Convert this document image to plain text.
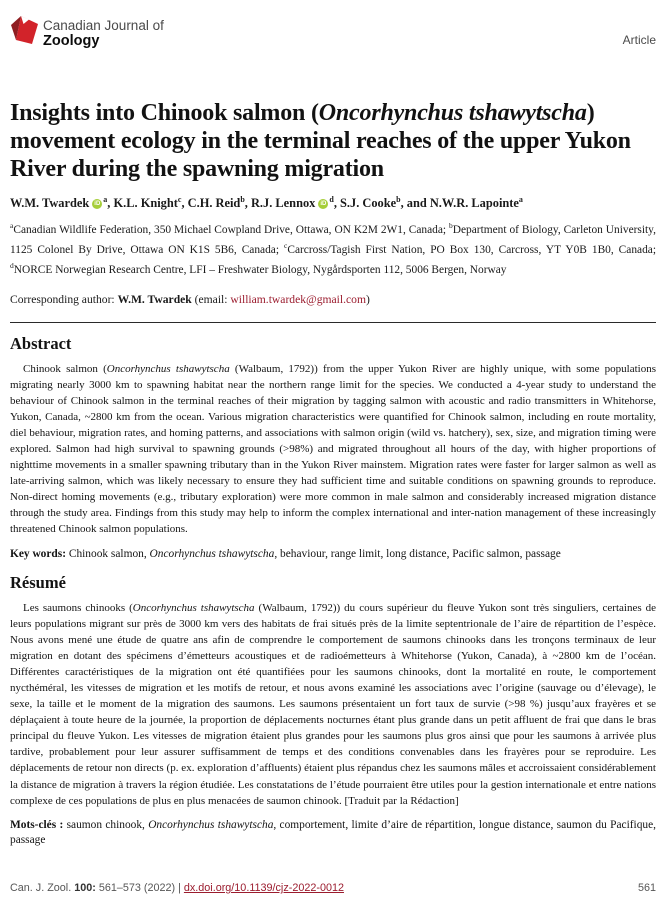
Canadian Journal of
Zoology	Article
Insights into Chinook salmon (Oncorhynchus tshawytscha) movement ecology in the terminal reaches of the upper Yukon River during the spawning migration

W.M. Twardek $iD^a$, K.L. Knight$^c$, C.H. Reid$^b$, R.J. Lennox $iD^d$, S.J. Cooke$^b$, and N.W.R. Lapointe$^a$

$^a$Canadian Wildlife Federation, 350 Michael Cowpland Drive, Ottawa, ON K2M 2W1, Canada; $^b$Department of Biology, Carleton University, 1125 Colonel By Drive, Ottawa ON K1S 5B6, Canada; $^c$Carcross/Tagish First Nation, PO Box 130, Carcross, YT Y0B 1B0, Canada; $^d$NORCE Norwegian Research Centre, LFI – Freshwater Biology, Nygårdsporten 112, 5006 Bergen, Norway

Corresponding author: W.M. Twardek (email: william.twardek@gmail.com)

Abstract

Chinook salmon (Oncorhynchus tshawytscha (Walbaum, 1792)) from the upper Yukon River are highly unique, with some populations migrating nearly 3000 km to spawning habitat near the northern range limit for the species. We conducted a 4-year study to understand the behaviour of Chinook salmon in the terminal reaches of their migration by tagging salmon with acoustic and radio transmitters in Whitehorse, Yukon, Canada, ~2800 km from the ocean. Various migration characteristics were quantified for Chinook salmon, including en route mortality, diel behaviour, migration rates, and homing patterns, and associations with salmon origin (wild vs. hatchery), sex, size, and migration timing were explored. Salmon had high survival to spawning grounds (>98%) and migrated throughout all hours of the day, with higher proportions of nighttime movements in a smaller spawning tributary than in the Yukon River mainstem. Migration rates were faster for larger salmon as well as late-arriving salmon, which was likely necessary to ensure they had sufficient time and suitable conditions on spawning grounds to reproduce. Non-direct homing movements (e.g., tributary exploration) were more common in male salmon and considerably increased migration distance through the study area. Findings from this study may help to inform the complex international and inter-nation management of these increasingly threatened Chinook salmon populations.

Key words: Chinook salmon, Oncorhynchus tshawytscha, behaviour, range limit, long distance, Pacific salmon, passage

Résumé

Les saumons chinooks (Oncorhynchus tshawytscha (Walbaum, 1792)) du cours supérieur du fleuve Yukon sont très singuliers, certaines de leurs populations migrant sur près de 3000 km vers des habitats de frai situés près de la limite septentrionale de l’aire de répartition de l’espèce. Nous avons mené une étude de quatre ans afin de comprendre le comportement de saumons chinooks dans les tronçons terminaux de leur migration en dotant des spécimens d’émetteurs acoustiques et de radioémetteurs à Whitehorse (Yukon, Canada), à ~2800 km de l’océan. Différentes caractéristiques de la migration ont été quantifiées pour les saumons chinooks, dont la mortalité en route, le comportement nycthéméral, les vitesses de migration et les motifs de retour, et nous avons examiné les associations avec l’origine (sauvage ou d’élevage), le sexe, la taille et le moment de la migration des saumons. Les saumons présentaient un fort taux de survie (>98 %) jusqu’aux frayères et se déplaçaient à toute heure de la journée, la proportion de déplacements nocturnes étant plus grande dans un petit affluent de frai que dans le bras principal du fleuve Yukon. Les vitesses de migration étaient plus grandes pour les saumons plus gros ainsi que pour les saumons à arrivée plus tardive, probablement pour leur assurer suffisamment de temps et des conditions convenables dans les frayères pour se reproduire. Les déplacements de retour non directs (p. ex. exploration d’affluents) étaient plus répandus chez les saumons mâles et accroissaient considérablement la distance de migration à travers la région étudiée. Les constatations de l’étude pourraient être utiles pour la gestion internationale et entre nations complexe de ces populations de plus en plus menacées de saumon chinook. [Traduit par la Rédaction]

Mots-clés : saumon chinook, Oncorhynchus tshawytscha, comportement, limite d’aire de répartition, longue distance, saumon du Pacifique, passage

Can. J. Zool. 100: 561–573 (2022) | dx.doi.org/10.1139/cjz-2022-0012	561
